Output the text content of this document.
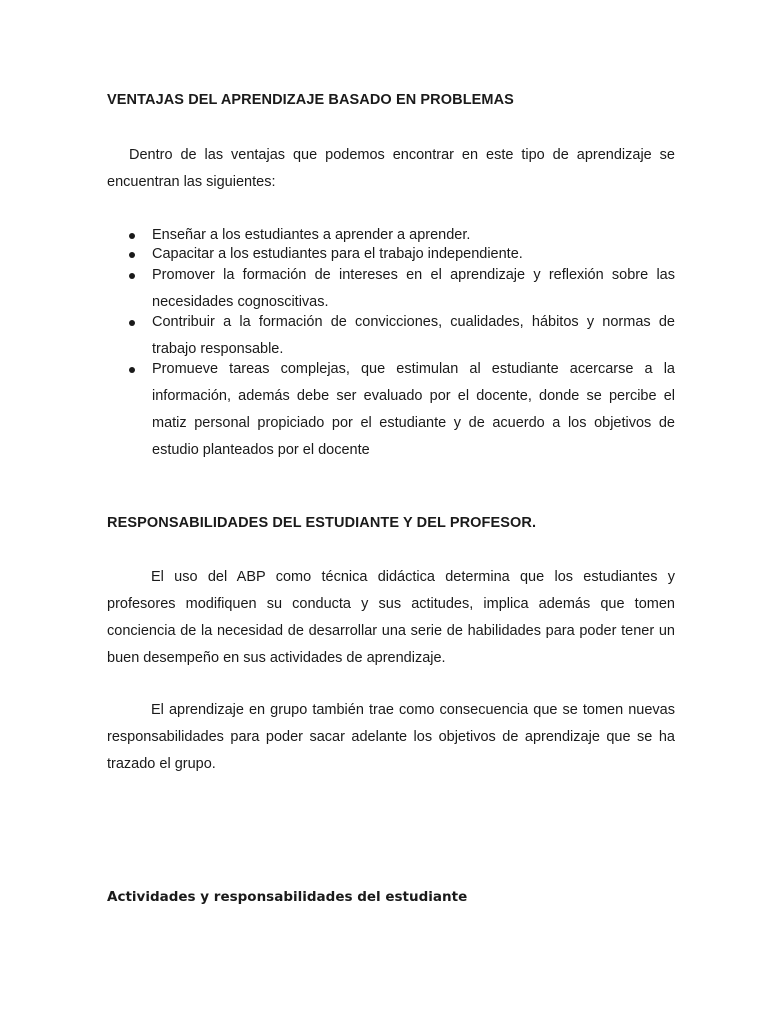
VENTAJAS DEL APRENDIZAJE BASADO EN PROBLEMAS

Dentro de las ventajas que podemos encontrar en este tipo de aprendizaje se encuentran las siguientes:

Enseñar a los estudiantes a aprender a aprender.
Capacitar a los estudiantes para el trabajo independiente.
Promover la formación de intereses en el aprendizaje y reflexión sobre las necesidades cognoscitivas.
Contribuir a la formación de convicciones, cualidades, hábitos y normas de trabajo responsable.
Promueve tareas complejas, que estimulan al estudiante acercarse a la información, además debe ser evaluado por el docente, donde se percibe el matiz personal propiciado por el estudiante y de acuerdo a los objetivos de estudio planteados por el docente
RESPONSABILIDADES DEL ESTUDIANTE Y DEL PROFESOR.

El uso del ABP como técnica didáctica determina que los estudiantes y profesores modifiquen su conducta y sus actitudes, implica además que tomen conciencia de la necesidad de desarrollar una serie de habilidades para poder tener un buen desempeño en sus actividades de aprendizaje.

El aprendizaje en grupo también trae como consecuencia que se tomen nuevas responsabilidades para poder sacar adelante los objetivos de aprendizaje que se ha trazado el grupo.

Actividades y responsabilidades del estudiante
